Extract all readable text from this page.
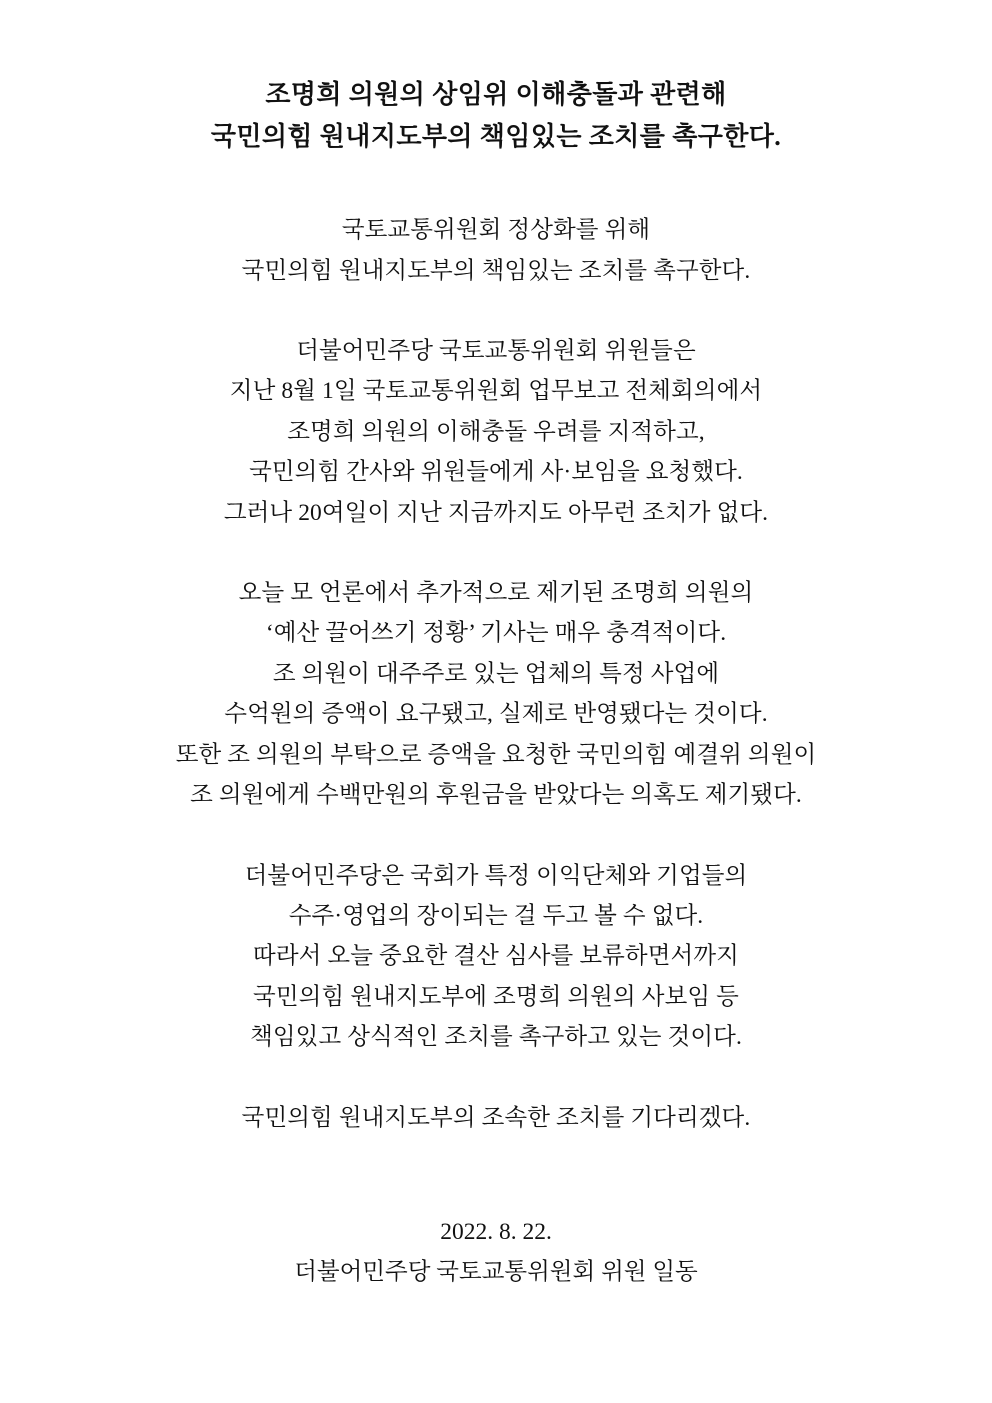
조명희 의원의 상임위 이해충돌과 관련해
국민의힘 원내지도부의 책임있는 조치를 촉구한다.

국토교통위원회 정상화를 위해
국민의힘 원내지도부의 책임있는 조치를 촉구한다.

더불어민주당 국토교통위원회 위원들은
지난 8월 1일 국토교통위원회 업무보고 전체회의에서
조명희 의원의 이해충돌 우려를 지적하고,
국민의힘 간사와 위원들에게 사·보임을 요청했다.
그러나 20여일이 지난 지금까지도 아무런 조치가 없다.

오늘 모 언론에서 추가적으로 제기된 조명희 의원의
‘예산 끌어쓰기 정황’ 기사는 매우 충격적이다.
조 의원이 대주주로 있는 업체의 특정 사업에
수억원의 증액이 요구됐고, 실제로 반영됐다는 것이다.
또한 조 의원의 부탁으로 증액을 요청한 국민의힘 예결위 의원이
조 의원에게 수백만원의 후원금을 받았다는 의혹도 제기됐다.

더불어민주당은 국회가 특정 이익단체와 기업들의
수주·영업의 장이되는 걸 두고 볼 수 없다.
따라서 오늘 중요한 결산 심사를 보류하면서까지
국민의힘 원내지도부에 조명희 의원의 사보임 등
책임있고 상식적인 조치를 촉구하고 있는 것이다.

국민의힘 원내지도부의 조속한 조치를 기다리겠다.

2022. 8. 22.
더불어민주당 국토교통위원회 위원 일동
